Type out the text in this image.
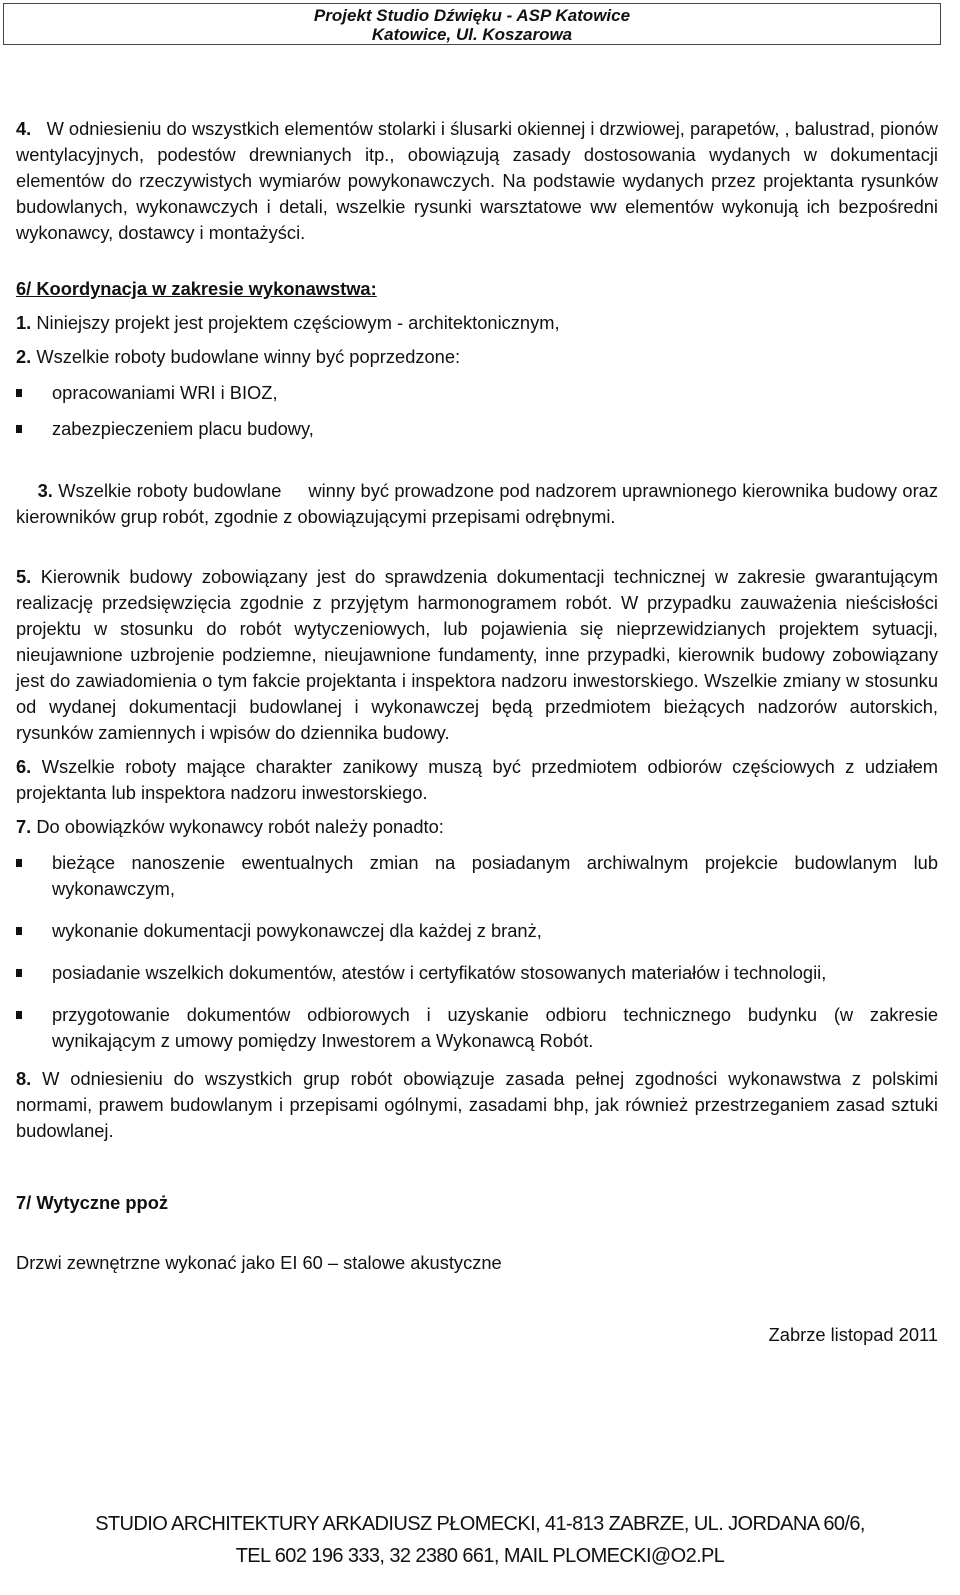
Projekt Studio Dźwięku - ASP Katowice
Katowice, Ul. Koszarowa
4. W odniesieniu do wszystkich elementów stolarki i ślusarki okiennej i drzwiowej, parapetów, , balustrad, pionów wentylacyjnych, podestów drewnianych itp., obowiązują zasady dostosowania wydanych w dokumentacji elementów do rzeczywistych wymiarów powykonawczych. Na podstawie wydanych przez projektanta rysunków budowlanych, wykonawczych i detali, wszelkie rysunki warsztatowe ww elementów wykonują ich bezpośredni wykonawcy, dostawcy i montażyści.
6/ Koordynacja w zakresie wykonawstwa:
1. Niniejszy projekt jest projektem częściowym - architektonicznym,
2. Wszelkie roboty budowlane winny być poprzedzone:
opracowaniami WRI i BIOZ,
zabezpieczeniem placu budowy,

3. Wszelkie roboty budowlane     winny być prowadzone pod nadzorem uprawnionego kierownika budowy oraz kierowników grup robót, zgodnie z obowiązującymi przepisami odrębnymi.

5. Kierownik budowy zobowiązany jest do sprawdzenia dokumentacji technicznej w zakresie gwarantującym realizację przedsięwzięcia zgodnie z przyjętym harmonogramem robót. W przypadku zauważenia nieścisłości projektu w stosunku do robót wytyczeniowych, lub pojawienia się nieprzewidzianych projektem sytuacji, nieujawnione uzbrojenie podziemne, nieujawnione fundamenty, inne przypadki, kierownik budowy zobowiązany jest do zawiadomienia o tym fakcie projektanta i inspektora nadzoru inwestorskiego. Wszelkie zmiany w stosunku od wydanej dokumentacji budowlanej i wykonawczej będą przedmiotem bieżących nadzorów autorskich, rysunków zamiennych i wpisów do dziennika budowy.
6. Wszelkie roboty mające charakter zanikowy muszą być przedmiotem odbiorów częściowych z udziałem projektanta lub inspektora nadzoru inwestorskiego.
7. Do obowiązków wykonawcy robót należy ponadto:
bieżące nanoszenie ewentualnych zmian na posiadanym archiwalnym projekcie budowlanym lub wykonawczym,
wykonanie dokumentacji powykonawczej dla każdej z branż,
posiadanie wszelkich dokumentów, atestów i certyfikatów stosowanych materiałów i technologii,
przygotowanie dokumentów odbiorowych i uzyskanie odbioru technicznego budynku (w zakresie wynikającym z umowy pomiędzy Inwestorem a Wykonawcą Robót.
8. W odniesieniu do wszystkich grup robót obowiązuje zasada pełnej zgodności wykonawstwa z polskimi normami, prawem budowlanym i przepisami ogólnymi, zasadami bhp, jak również przestrzeganiem zasad sztuki budowlanej.
7/ Wytyczne ppoż
Drzwi zewnętrzne wykonać jako EI 60 – stalowe akustyczne
Zabrze listopad 2011
STUDIO ARCHITEKTURY ARKADIUSZ PŁOMECKI, 41-813 ZABRZE, UL. JORDANA 60/6,
TEL 602 196 333, 32 2380 661, MAIL PLOMECKI@O2.PL
